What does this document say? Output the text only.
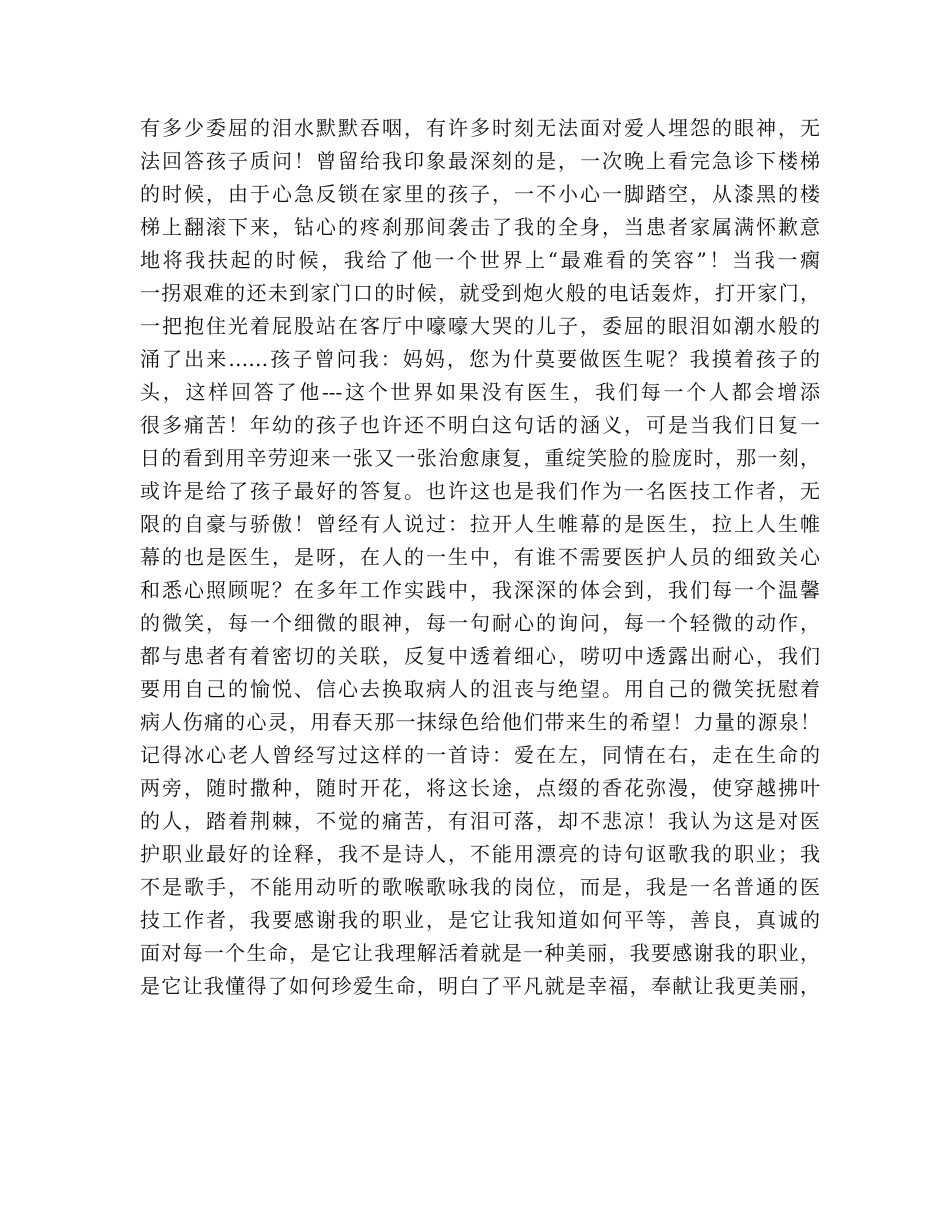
有多少委屈的泪水默默吞咽，有许多时刻无法面对爱人埋怨的眼神，无
法回答孩子质问！曾留给我印象最深刻的是，一次晚上看完急诊下楼梯
的时候，由于心急反锁在家里的孩子，一不小心一脚踏空，从漆黑的楼
梯上翻滚下来，钻心的疼刹那间袭击了我的全身，当患者家属满怀歉意
地将我扶起的时候，我给了他一个世界上“最难看的笑容”！当我一瘸
一拐艰难的还未到家门口的时候，就受到炮火般的电话轰炸，打开家门，
一把抱住光着屁股站在客厅中嚎嚎大哭的儿子，委屈的眼泪如潮水般的
涌了出来……孩子曾问我：妈妈，您为什莫要做医生呢？我摸着孩子的
头，这样回答了他---这个世界如果没有医生，我们每一个人都会增添
很多痛苦！年幼的孩子也许还不明白这句话的涵义，可是当我们日复一
日的看到用辛劳迎来一张又一张治愈康复，重绽笑脸的脸庞时，那一刻，
或许是给了孩子最好的答复。也许这也是我们作为一名医技工作者，无
限的自豪与骄傲！曾经有人说过：拉开人生帷幕的是医生，拉上人生帷
幕的也是医生，是呀，在人的一生中，有谁不需要医护人员的细致关心
和悉心照顾呢？在多年工作实践中，我深深的体会到，我们每一个温馨
的微笑，每一个细微的眼神，每一句耐心的询问，每一个轻微的动作，
都与患者有着密切的关联，反复中透着细心，唠叨中透露出耐心，我们
要用自己的愉悦、信心去换取病人的沮丧与绝望。用自己的微笑抚慰着
病人伤痛的心灵，用春天那一抹绿色给他们带来生的希望！力量的源泉！
记得冰心老人曾经写过这样的一首诗：爱在左，同情在右，走在生命的
两旁，随时撒种，随时开花，将这长途，点缀的香花弥漫，使穿越拂叶
的人，踏着荆棘，不觉的痛苦，有泪可落，却不悲凉！我认为这是对医
护职业最好的诠释，我不是诗人，不能用漂亮的诗句讴歌我的职业；我
不是歌手，不能用动听的歌喉歌咏我的岗位，而是，我是一名普通的医
技工作者，我要感谢我的职业，是它让我知道如何平等，善良，真诚的
面对每一个生命，是它让我理解活着就是一种美丽，我要感谢我的职业，
是它让我懂得了如何珍爱生命，明白了平凡就是幸福，奉献让我更美丽，
